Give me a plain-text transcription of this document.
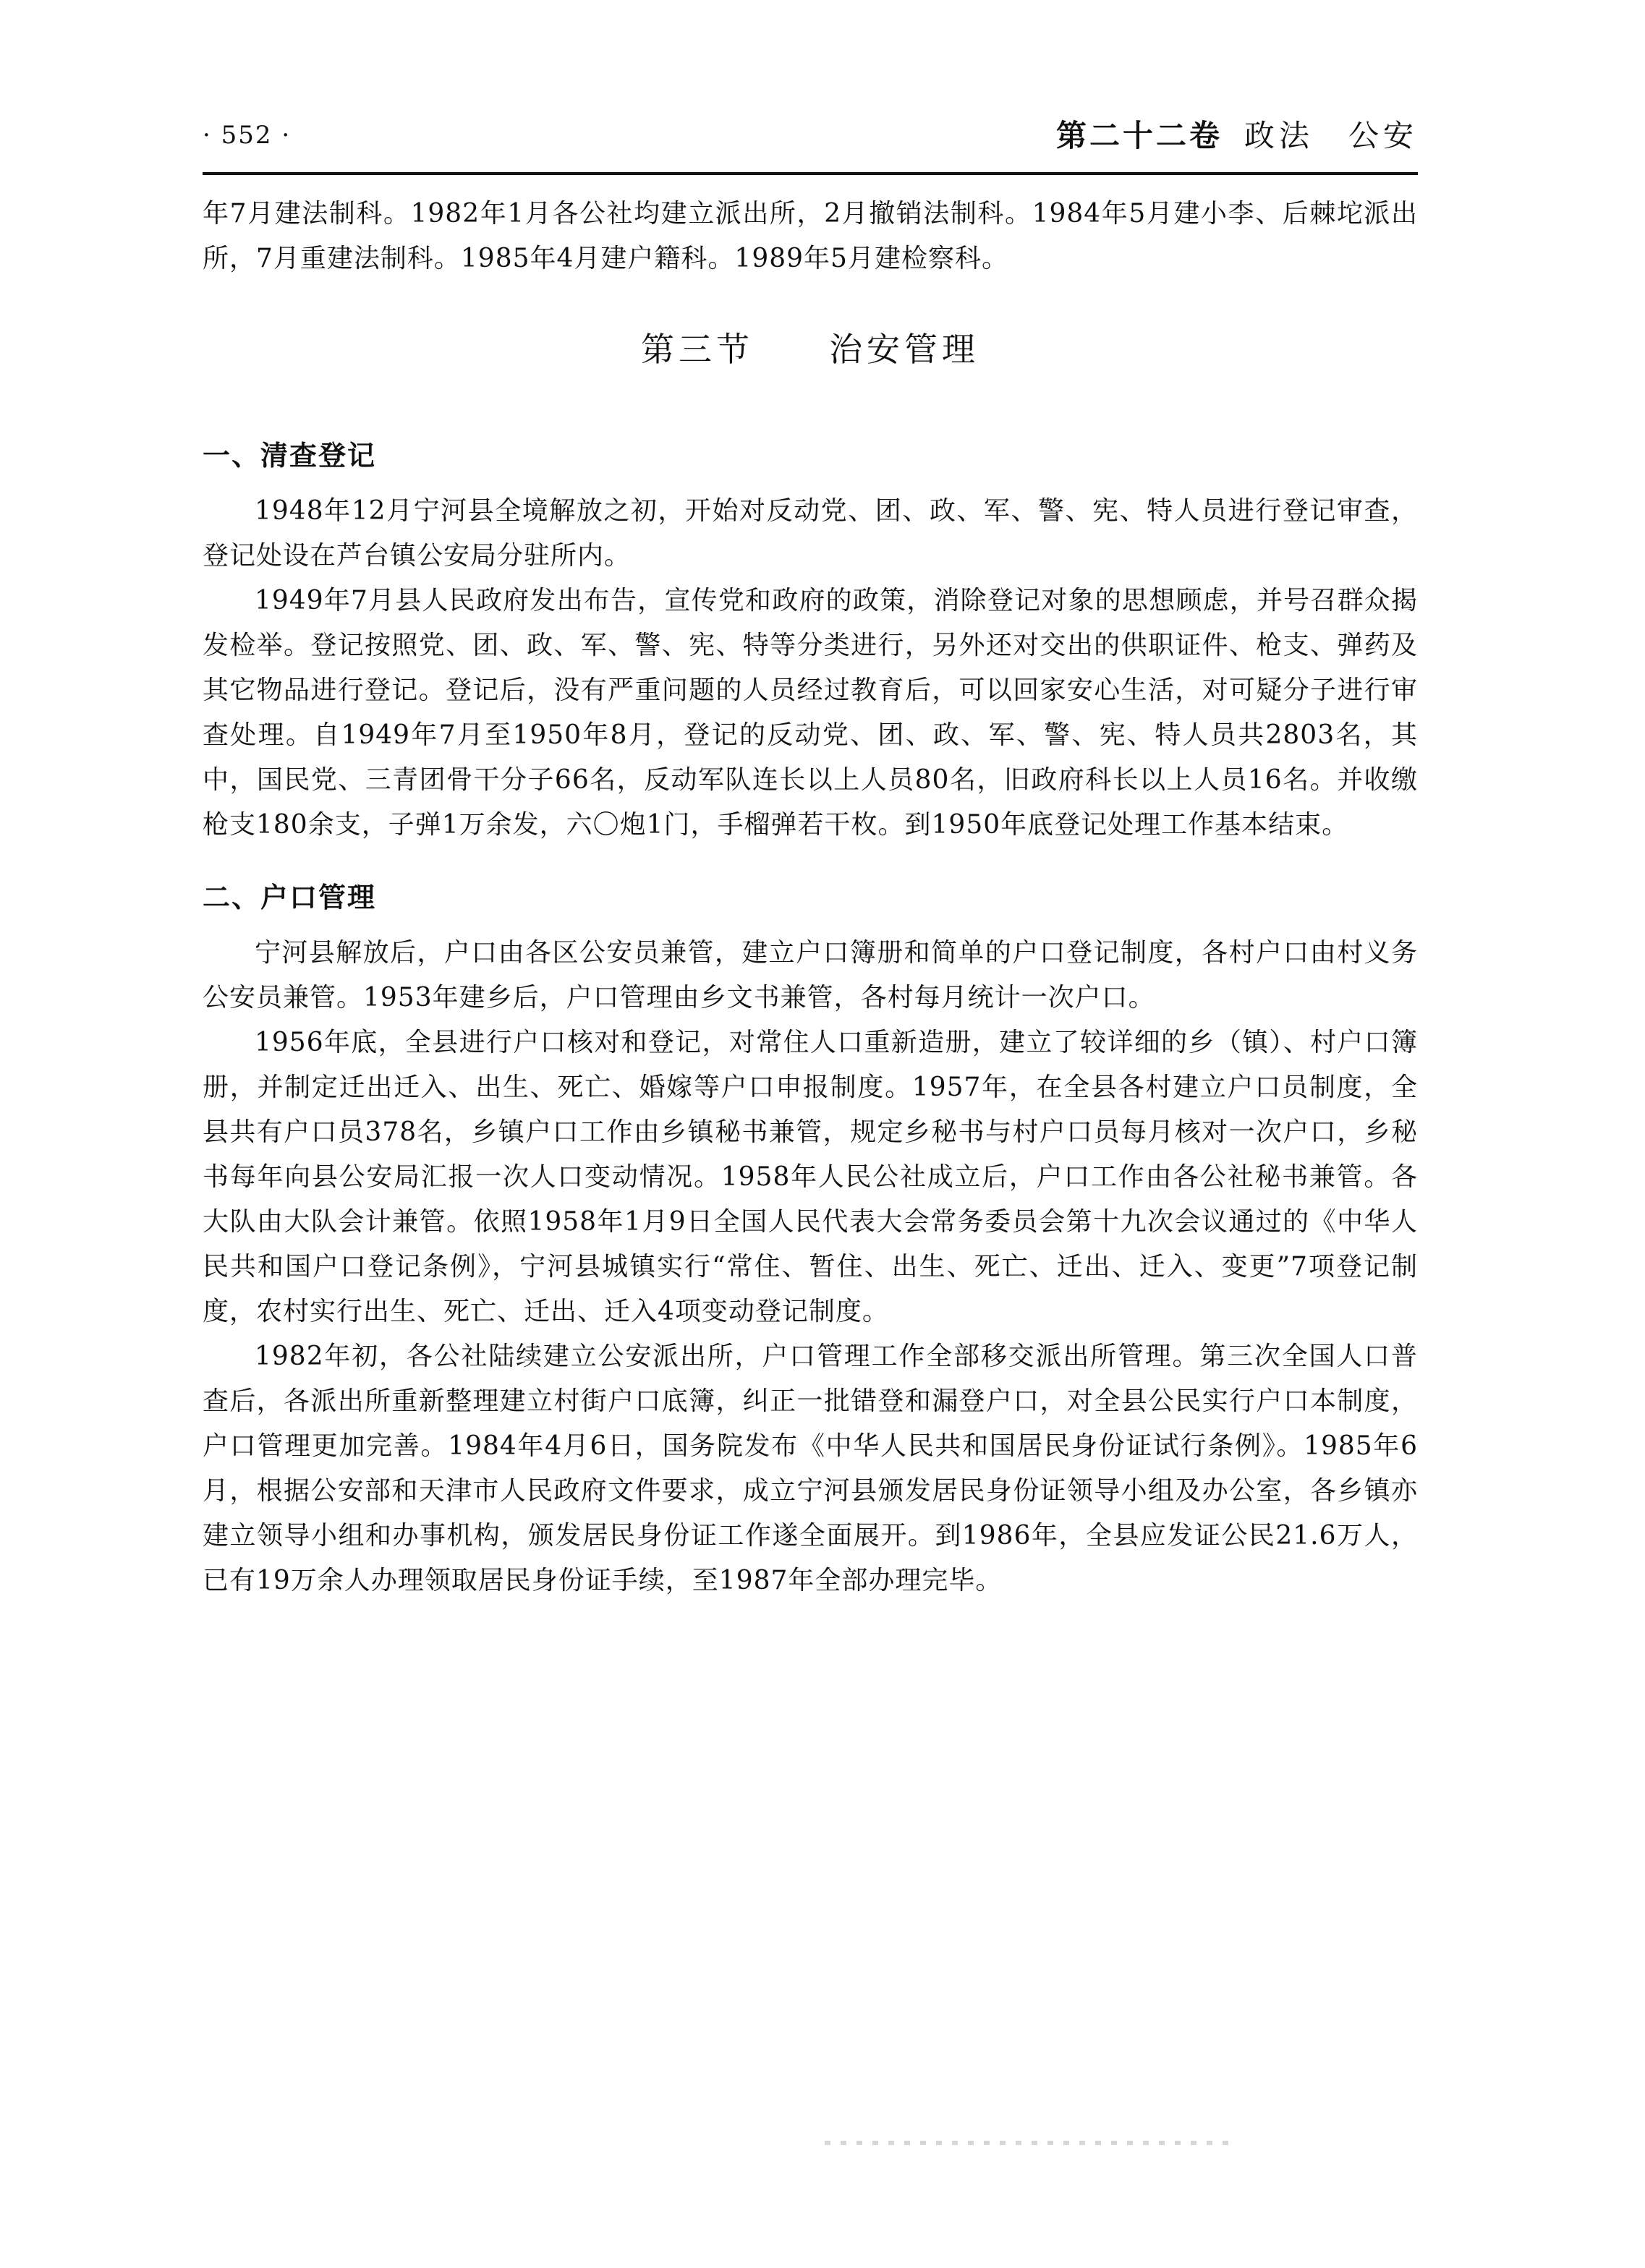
· 552 ·	第二十二卷 政法　公安

年7月建法制科。1982年1月各公社均建立派出所，2月撤销法制科。1984年5月建小李、后棘坨派出所，7月重建法制科。1985年4月建户籍科。1989年5月建检察科。

第三节　　治安管理
一、清查登记

1948年12月宁河县全境解放之初，开始对反动党、团、政、军、警、宪、特人员进行登记审查，登记处设在芦台镇公安局分驻所内。

1949年7月县人民政府发出布告，宣传党和政府的政策，消除登记对象的思想顾虑，并号召群众揭发检举。登记按照党、团、政、军、警、宪、特等分类进行，另外还对交出的供职证件、枪支、弹药及其它物品进行登记。登记后，没有严重问题的人员经过教育后，可以回家安心生活，对可疑分子进行审查处理。自1949年7月至1950年8月，登记的反动党、团、政、军、警、宪、特人员共2803名，其中，国民党、三青团骨干分子66名，反动军队连长以上人员80名，旧政府科长以上人员16名。并收缴枪支180余支，子弹1万余发，六〇炮1门，手榴弹若干枚。到1950年底登记处理工作基本结束。

二、户口管理

宁河县解放后，户口由各区公安员兼管，建立户口簿册和简单的户口登记制度，各村户口由村义务公安员兼管。1953年建乡后，户口管理由乡文书兼管，各村每月统计一次户口。

1956年底，全县进行户口核对和登记，对常住人口重新造册，建立了较详细的乡（镇）、村户口簿册，并制定迁出迁入、出生、死亡、婚嫁等户口申报制度。1957年，在全县各村建立户口员制度，全县共有户口员378名，乡镇户口工作由乡镇秘书兼管，规定乡秘书与村户口员每月核对一次户口，乡秘书每年向县公安局汇报一次人口变动情况。1958年人民公社成立后，户口工作由各公社秘书兼管。各大队由大队会计兼管。依照1958年1月9日全国人民代表大会常务委员会第十九次会议通过的《中华人民共和国户口登记条例》，宁河县城镇实行“常住、暂住、出生、死亡、迁出、迁入、变更”7项登记制度，农村实行出生、死亡、迁出、迁入4项变动登记制度。

1982年初，各公社陆续建立公安派出所，户口管理工作全部移交派出所管理。第三次全国人口普查后，各派出所重新整理建立村街户口底簿，纠正一批错登和漏登户口，对全县公民实行户口本制度，户口管理更加完善。1984年4月6日，国务院发布《中华人民共和国居民身份证试行条例》。1985年6月，根据公安部和天津市人民政府文件要求，成立宁河县颁发居民身份证领导小组及办公室，各乡镇亦建立领导小组和办事机构，颁发居民身份证工作遂全面展开。到1986年，全县应发证公民21.6万人，已有19万余人办理领取居民身份证手续，至1987年全部办理完毕。
